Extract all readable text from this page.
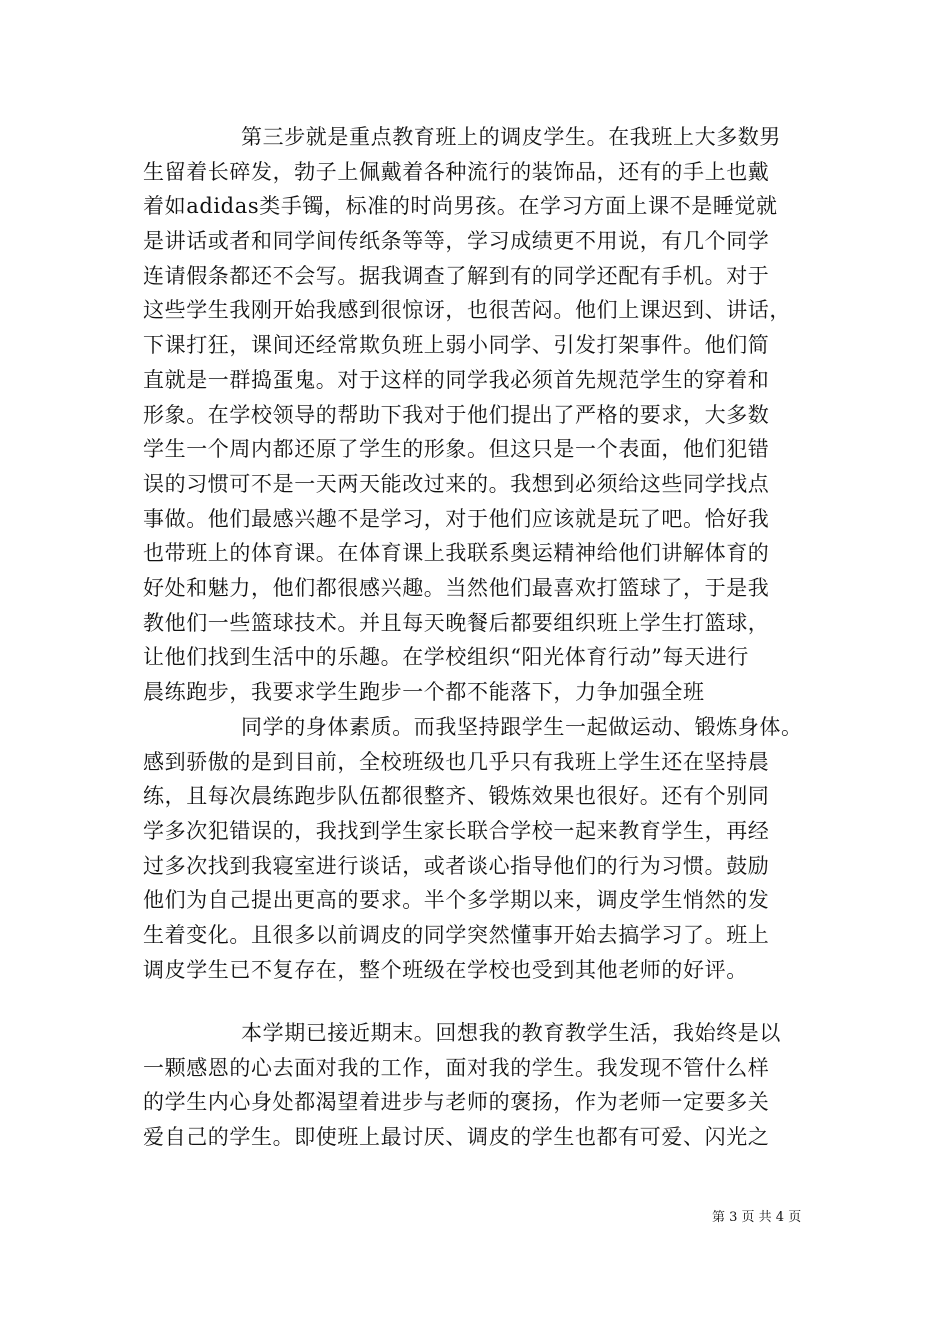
第三步就是重点教育班上的调皮学生。在我班上大多数男
生留着长碎发，勃子上佩戴着各种流行的装饰品，还有的手上也戴
着如adidas类手镯，标准的时尚男孩。在学习方面上课不是睡觉就
是讲话或者和同学间传纸条等等，学习成绩更不用说，有几个同学
连请假条都还不会写。据我调查了解到有的同学还配有手机。对于
这些学生我刚开始我感到很惊讶，也很苦闷。他们上课迟到、讲话，
下课打狂，课间还经常欺负班上弱小同学、引发打架事件。他们简
直就是一群捣蛋鬼。对于这样的同学我必须首先规范学生的穿着和
形象。在学校领导的帮助下我对于他们提出了严格的要求，大多数
学生一个周内都还原了学生的形象。但这只是一个表面，他们犯错
误的习惯可不是一天两天能改过来的。我想到必须给这些同学找点
事做。他们最感兴趣不是学习，对于他们应该就是玩了吧。恰好我
也带班上的体育课。在体育课上我联系奥运精神给他们讲解体育的
好处和魅力，他们都很感兴趣。当然他们最喜欢打篮球了，于是我
教他们一些篮球技术。并且每天晚餐后都要组织班上学生打篮球，
让他们找到生活中的乐趣。在学校组织“阳光体育行动”每天进行
晨练跑步，我要求学生跑步一个都不能落下，力争加强全班
同学的身体素质。而我坚持跟学生一起做运动、锻炼身体。
感到骄傲的是到目前，全校班级也几乎只有我班上学生还在坚持晨
练，且每次晨练跑步队伍都很整齐、锻炼效果也很好。还有个别同
学多次犯错误的，我找到学生家长联合学校一起来教育学生，再经
过多次找到我寝室进行谈话，或者谈心指导他们的行为习惯。鼓励
他们为自己提出更高的要求。半个多学期以来，调皮学生悄然的发
生着变化。且很多以前调皮的同学突然懂事开始去搞学习了。班上
调皮学生已不复存在，整个班级在学校也受到其他老师的好评。
本学期已接近期末。回想我的教育教学生活，我始终是以
一颗感恩的心去面对我的工作，面对我的学生。我发现不管什么样
的学生内心身处都渴望着进步与老师的褒扬，作为老师一定要多关
爱自己的学生。即使班上最讨厌、调皮的学生也都有可爱、闪光之
第 3 页 共 4 页
